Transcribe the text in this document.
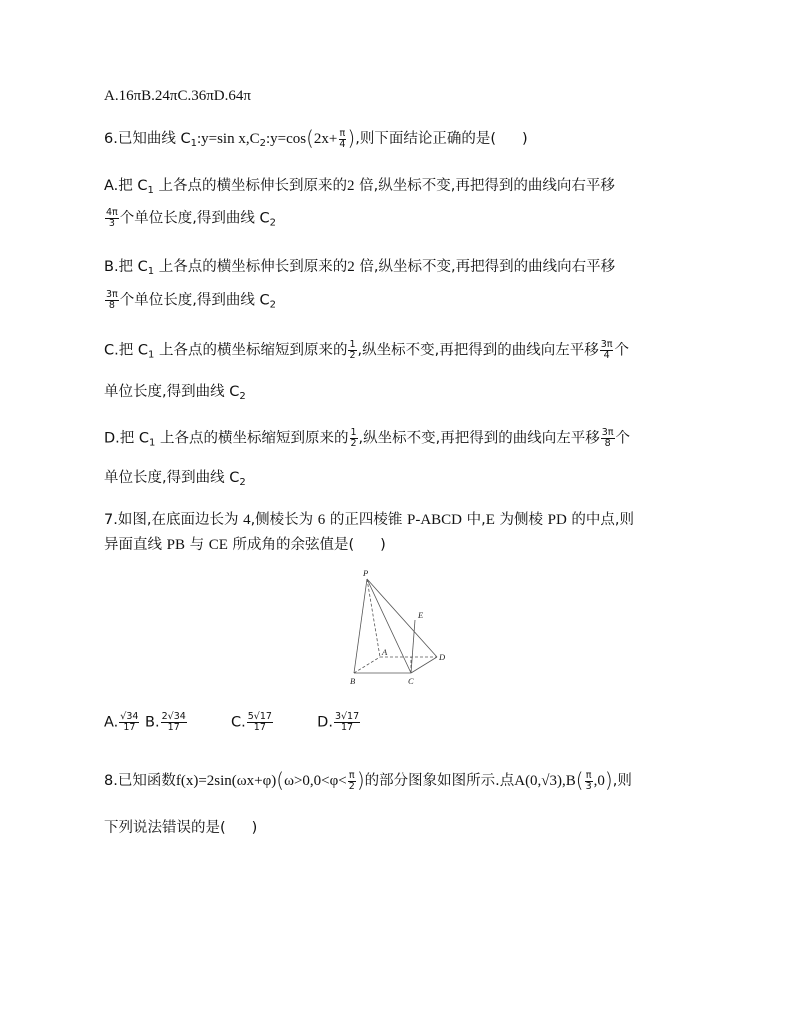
A.16πB.24πC.36πD.64π
6.已知曲线 $C_1:y=\sin$ $x,C_2:y=\cos(2x+ \frac{\pi}{4}$ ),则下面结论正确的是( )
A.把 $C_1$ 上各点的横坐标伸长到原来的2 倍,纵坐标不变,再把得到的曲线向右平移
$\frac{4\pi}{3}$ 个单位长度,得到曲线 $C_2$
B.把 $C_1$ 上各点的横坐标伸长到原来的2 倍,纵坐标不变,再把得到的曲线向右平移
$\frac{3\pi}{8}$ 个单位长度,得到曲线 $C_2$
C.把 $C_1$ 上各点的横坐标缩短到原来的 $\frac{1}{2}$ ,纵坐标不变,再把得到的曲线向左平移 $\frac{3\pi}{4}$ 个
单位长度,得到曲线 $C_2$
D.把 $C_1$ 上各点的横坐标缩短到原来的 $\frac{1}{2}$ ,纵坐标不变,再把得到的曲线向左平移 $\frac{3\pi}{8}$ 个
单位长度,得到曲线 $C_2$
7.如图,在底面边长为 4,侧棱长为 6 的正四棱锥 P-ABCD 中,E 为侧棱 PD 的中点,则
异面直线 PB 与 CE 所成角的余弦值是( )
P
E
A	D
B	C
A. $\frac{√34}{17} B$. $\frac{2√34}{17}$	C. $\frac{5√17}{17}$	D. $\frac{3√17}{17}$
8.已知函数$f(x)=2\sin(\omega x+\varphi)(\omega>0,0<\varphi< \frac{\pi}{2}$ )的部分图象如图所示.点$A(0,√3),B( \frac{\pi}{3} ,0)$,则
下列说法错误的是( )
